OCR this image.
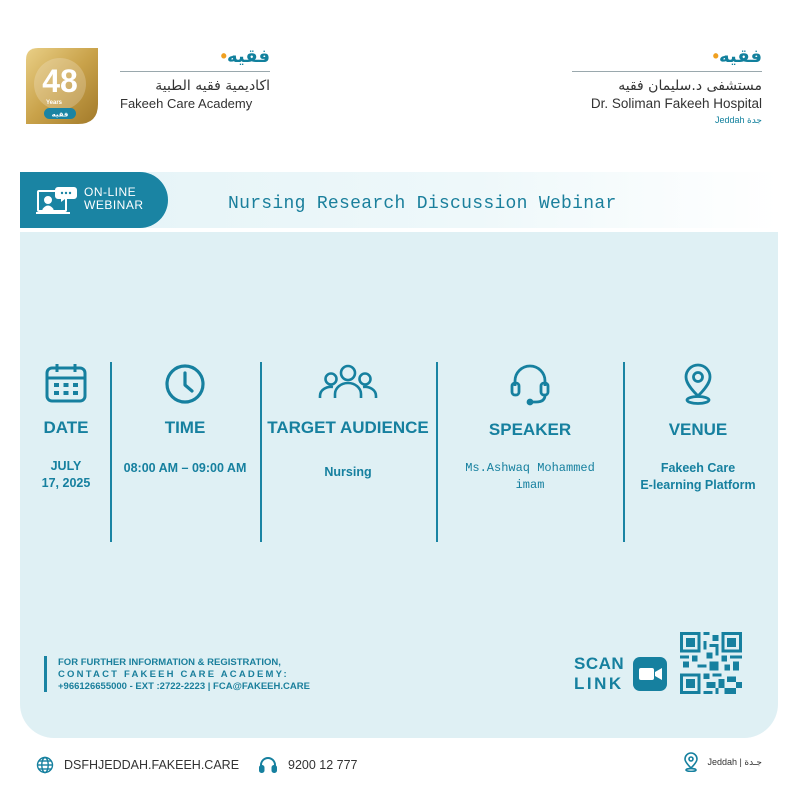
48
Years
فقيه
•فقيه
اكاديمية فقيه الطبية
Fakeeh Care Academy
•فقيه
مستشفى د.سليمان فقيه
Dr. Soliman Fakeeh Hospital
Jeddah جدة
ON-LINE
WEBINAR	Nursing Research Discussion Webinar
DATE
JULY
17, 2025
TIME
08:00 AM – 09:00 AM
TARGET AUDIENCE
Nursing
SPEAKER
Ms.Ashwaq Mohammed
imam
VENUE
Fakeeh Care
E-learning Platform
FOR FURTHER INFORMATION & REGISTRATION,
CONTACT FAKEEH CARE ACADEMY:
+966126655000 - EXT :2722-2223 | FCA@FAKEEH.CARE
SCAN
LINK
DSFHJEDDAH.FAKEEH.CARE	9200 12 777	Jeddah | جـدة
